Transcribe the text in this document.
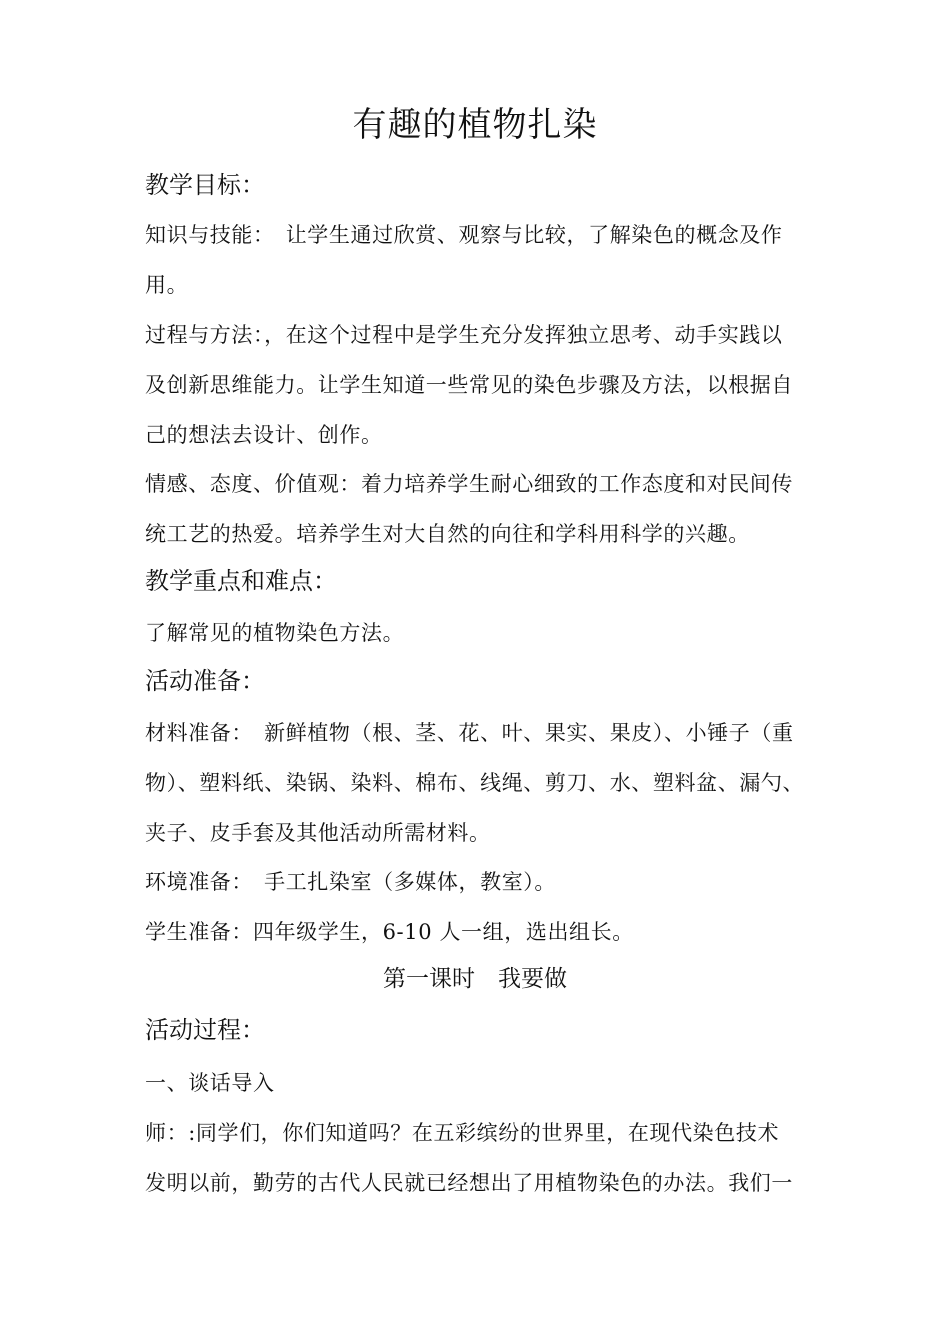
有趣的植物扎染
教学目标：
知识与技能：　让学生通过欣赏、观察与比较，了解染色的概念及作
用。
过程与方法：，在这个过程中是学生充分发挥独立思考、动手实践以
及创新思维能力。让学生知道一些常见的染色步骤及方法，以根据自
己的想法去设计、创作。
情感、态度、价值观：着力培养学生耐心细致的工作态度和对民间传
统工艺的热爱。培养学生对大自然的向往和学科用科学的兴趣。
教学重点和难点：
了解常见的植物染色方法。
活动准备：
材料准备：　新鲜植物（根、茎、花、叶、果实、果皮）、小锤子（重
物）、塑料纸、染锅、染料、棉布、线绳、剪刀、水、塑料盆、漏勺、
夹子、皮手套及其他活动所需材料。
环境准备：　手工扎染室（多媒体，教室）。
学生准备：四年级学生，6-10 人一组，选出组长。
第一课时　我要做
活动过程：
一、谈话导入
师：:同学们，你们知道吗？在五彩缤纷的世界里，在现代染色技术
发明以前，勤劳的古代人民就已经想出了用植物染色的办法。我们一
